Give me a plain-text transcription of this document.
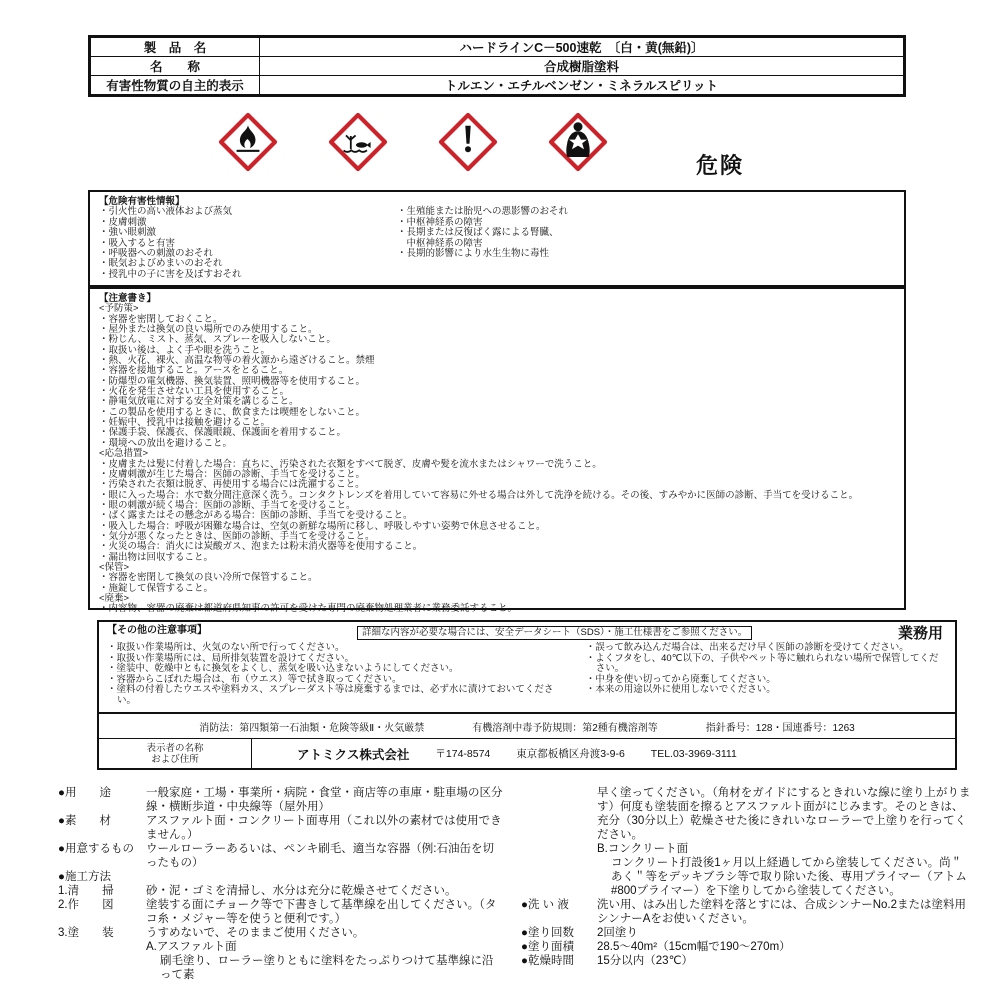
製　品　名	ハードラインC－500速乾　〔白・黄(無鉛)〕
名　　称	合成樹脂塗料
有害性物質の自主的表示	トルエン・エチルベンゼン・ミネラルスピリット
危険
【危険有害性情報】
・引火性の高い液体および蒸気
・皮膚刺激
・強い眼刺激
・吸入すると有害
・呼吸器への刺激のおそれ
・眠気およびめまいのおそれ
・授乳中の子に害を及ぼすおそれ
・生殖能または胎児への悪影響のおそれ
・中枢神経系の障害
・長期または反復ばく露による腎臓、
　中枢神経系の障害
・長期的影響により水生生物に毒性
【注意書き】
<予防策>
・容器を密閉しておくこと。
・屋外または換気の良い場所でのみ使用すること。
・粉じん、ミスト、蒸気、スプレーを吸入しないこと。
・取扱い後は、よく手や眼を洗うこと。
・熱、火花、裸火、高温な物等の着火源から遠ざけること。禁煙
・容器を接地すること。アースをとること。
・防爆型の電気機器、換気装置、照明機器等を使用すること。
・火花を発生させない工具を使用すること。
・静電気放電に対する安全対策を講じること。
・この製品を使用するときに、飲食または喫煙をしないこと。
・妊娠中、授乳中は接触を避けること。
・保護手袋、保護衣、保護眼鏡、保護面を着用すること。
・環境への放出を避けること。
<応急措置>
・皮膚または髪に付着した場合：直ちに、汚染された衣類をすべて脱ぎ、皮膚や髪を流水またはシャワーで洗うこと。
・皮膚刺激が生じた場合：医師の診断、手当てを受けること。
・汚染された衣類は脱ぎ、再使用する場合には洗濯すること。
・眼に入った場合：水で数分間注意深く洗う。コンタクトレンズを着用していて容易に外せる場合は外して洗浄を続ける。その後、すみやかに医師の診断、手当てを受けること。
・眼の刺激が続く場合：医師の診断、手当てを受けること。
・ばく露またはその懸念がある場合：医師の診断、手当てを受けること。
・吸入した場合：呼吸が困難な場合は、空気の新鮮な場所に移し、呼吸しやすい姿勢で休息させること。
・気分が悪くなったときは、医師の診断、手当てを受けること。
・火災の場合：消火には炭酸ガス、泡または粉末消火器等を使用すること。
・漏出物は回収すること。
<保管>
・容器を密閉して換気の良い冷所で保管すること。
・施錠して保管すること。
<廃棄>
・内容物、容器の廃棄は都道府県知事の許可を受けた専門の廃棄物処理業者に業務委託すること。
【その他の注意事項】	詳細な内容が必要な場合には、安全データシート（SDS）・施工仕様書をご参照ください。	業務用
・取扱い作業場所は、火気のない所で行ってください。
・取扱い作業場所には、局所排気装置を設けてください。
・塗装中、乾燥中ともに換気をよくし、蒸気を吸い込まないようにしてください。
・容器からこぼれた場合は、布（ウエス）等で拭き取ってください。
・塗料の付着したウエスや塗料カス、スプレーダスト等は廃棄するまでは、必ず水に漬けておいてください。
・誤って飲み込んだ場合は、出来るだけ早く医師の診断を受けてください。
・よくフタをし、40℃以下の、子供やペット等に触れられない場所で保管してください。
・中身を使い切ってから廃棄してください。
・本来の用途以外に使用しないでください。
消防法：第四類第一石油類・危険等級Ⅱ・火気厳禁	有機溶剤中毒予防規則：第2種有機溶剤等	指針番号：128・国連番号：1263
表示者の名称
および住所	アトミクス株式会社 〒174-8574 東京都板橋区舟渡3-9-6 TEL.03-3969-3111
●用　　途	一般家庭・工場・事業所・病院・食堂・商店等の車庫・駐車場の区分線・横断歩道・中央線等（屋外用）
●素　　材	アスファルト面・コンクリート面専用（これ以外の素材では使用できません。）
●用意するもの	ウールローラーあるいは、ペンキ刷毛、適当な容器（例:石油缶を切ったもの）
●施工方法
1.清　　掃	砂・泥・ゴミを清掃し、水分は充分に乾燥させてください。
2.作　　図	塗装する面にチョーク等で下書きして基準線を出してください。（タコ糸・メジャー等を使うと便利です。）
3.塗　　装	うすめないで、そのままご使用ください。
A.アスファルト面
刷毛塗り、ローラー塗りともに塗料をたっぷりつけて基準線に沿って素
早く塗ってください。（角材をガイドにするときれいな線に塗り上がります）何度も塗装面を擦るとアスファルト面がにじみます。そのときは、充分（30分以上）乾燥させた後にきれいなローラーで上塗りを行ってください。
B.コンクリート面
コンクリート打設後1ヶ月以上経過してから塗装してください。尚＂あく＂等をデッキブラシ等で取り除いた後、専用プライマー（アトム#800プライマー）を下塗りしてから塗装してください。
●洗 い 液	洗い用、はみ出した塗料を落とすには、合成シンナーNo.2または塗料用シンナーAをお使いください。
●塗り回数	2回塗り
●塗り面積	28.5～40m²（15cm幅で190～270m）
●乾燥時間	15分以内（23℃）
